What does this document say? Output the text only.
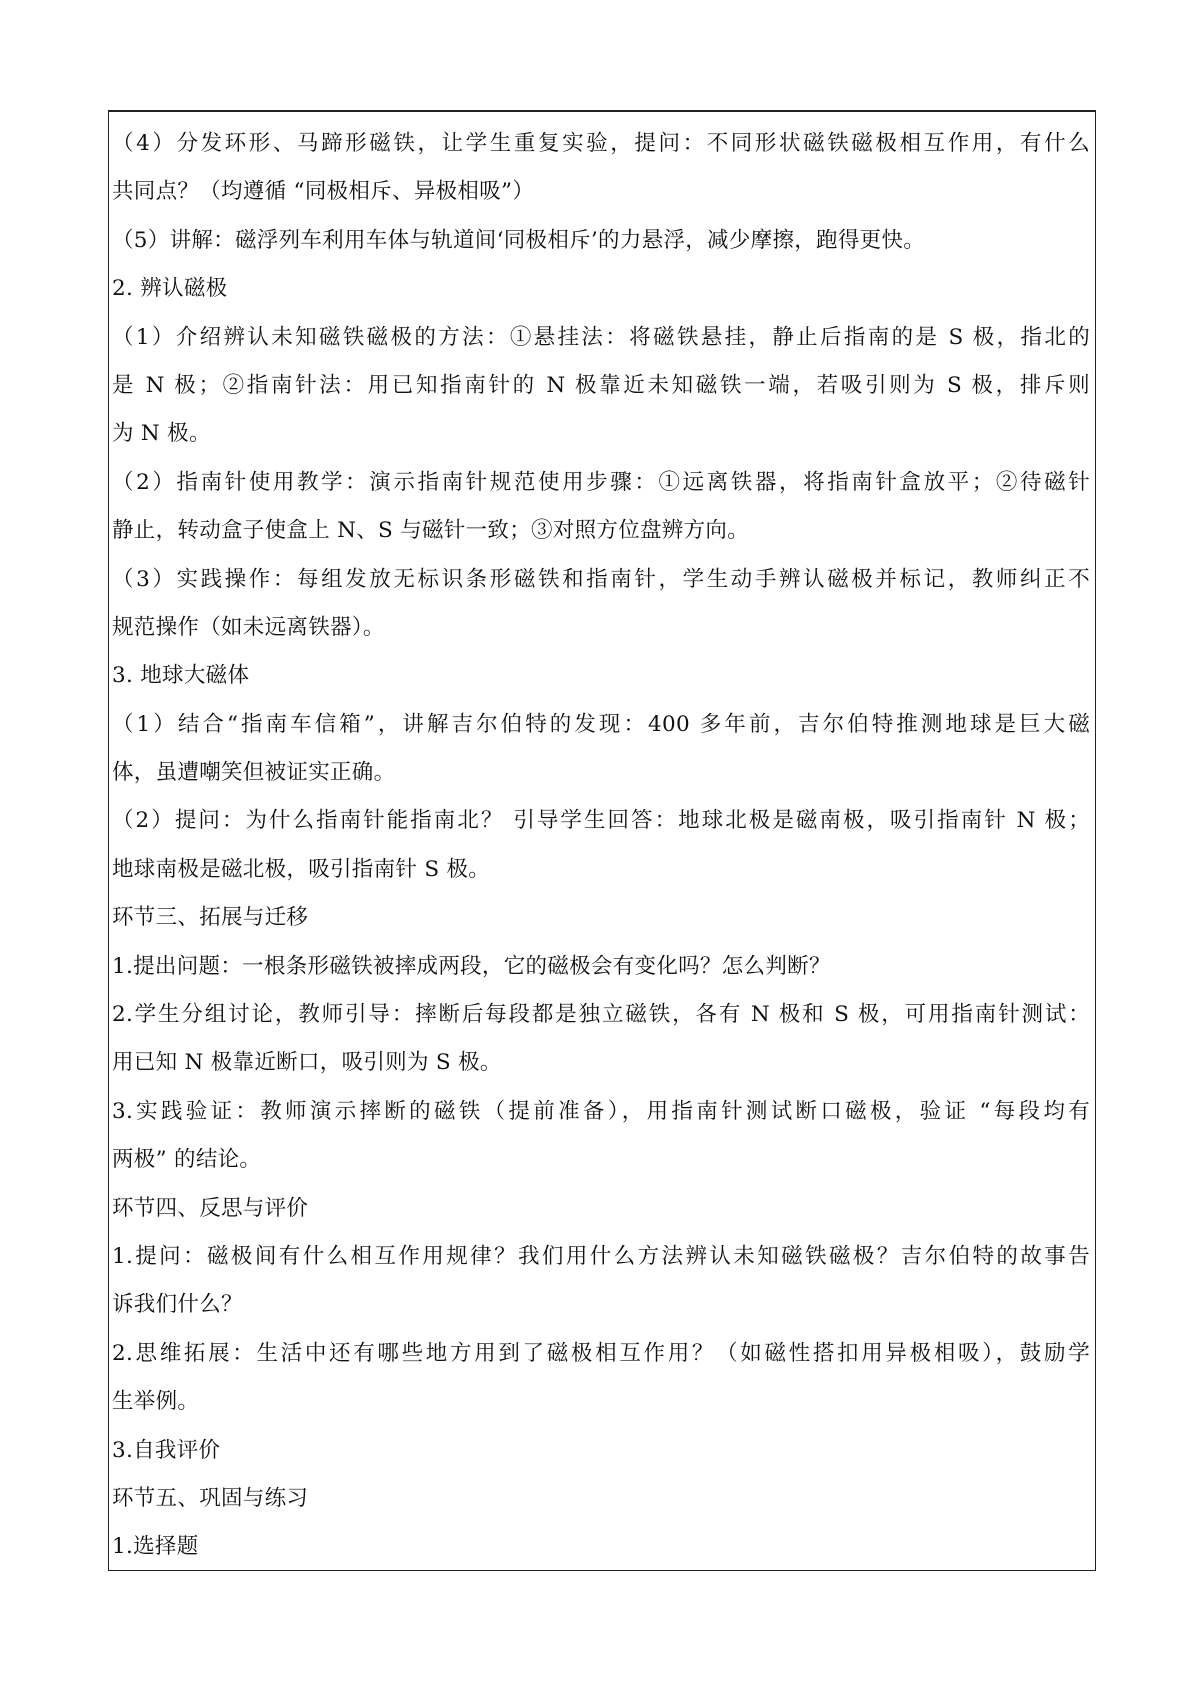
（4）分发环形、马蹄形磁铁，让学生重复实验，提问：不同形状磁铁磁极相互作用，有什么
共同点？（均遵循 “同极相斥、异极相吸”）
（5）讲解：磁浮列车利用车体与轨道间‘同极相斥’的力悬浮，减少摩擦，跑得更快。
2. 辨认磁极
（1）介绍辨认未知磁铁磁极的方法：①悬挂法：将磁铁悬挂，静止后指南的是 S 极，指北的
是 N 极；②指南针法：用已知指南针的 N 极靠近未知磁铁一端，若吸引则为 S 极，排斥则
为 N 极。
（2）指南针使用教学：演示指南针规范使用步骤：①远离铁器，将指南针盒放平；②待磁针
静止，转动盒子使盒上 N、S 与磁针一致；③对照方位盘辨方向。
（3）实践操作：每组发放无标识条形磁铁和指南针，学生动手辨认磁极并标记，教师纠正不
规范操作（如未远离铁器）。
3. 地球大磁体
（1）结合“指南车信箱”，讲解吉尔伯特的发现：400 多年前，吉尔伯特推测地球是巨大磁
体，虽遭嘲笑但被证实正确。
（2）提问：为什么指南针能指南北？ 引导学生回答：地球北极是磁南极，吸引指南针 N 极；
地球南极是磁北极，吸引指南针 S 极。
环节三、拓展与迁移
1.提出问题：一根条形磁铁被摔成两段，它的磁极会有变化吗？怎么判断？
2.学生分组讨论，教师引导：摔断后每段都是独立磁铁，各有 N 极和 S 极，可用指南针测试：
用已知 N 极靠近断口，吸引则为 S 极。
3.实践验证：教师演示摔断的磁铁（提前准备），用指南针测试断口磁极，验证 “每段均有
两极” 的结论。
环节四、反思与评价
1.提问：磁极间有什么相互作用规律？我们用什么方法辨认未知磁铁磁极？吉尔伯特的故事告
诉我们什么？
2.思维拓展：生活中还有哪些地方用到了磁极相互作用？（如磁性搭扣用异极相吸），鼓励学
生举例。
3.自我评价
环节五、巩固与练习
1.选择题
